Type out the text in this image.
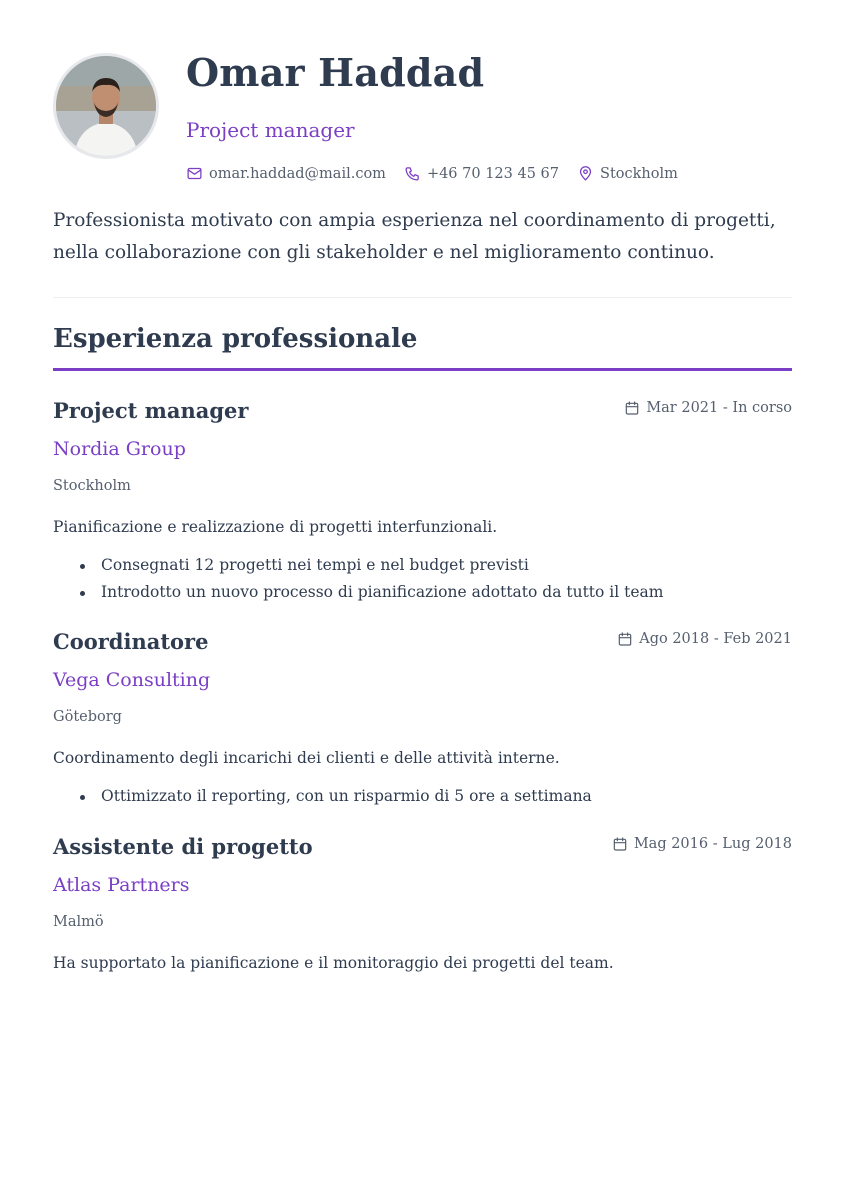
Omar Haddad
Project manager
omar.haddad@mail.com	+46 70 123 45 67	Stockholm

Professionista motivato con ampia esperienza nel coordinamento di progetti, nella collaborazione con gli stakeholder e nel miglioramento continuo.

Esperienza professionale
Project manager	Mar 2021 - In corso
Nordia Group
Stockholm
Pianificazione e realizzazione di progetti interfunzionali.
Consegnati 12 progetti nei tempi e nel budget previsti
Introdotto un nuovo processo di pianificazione adottato da tutto il team
Coordinatore	Ago 2018 - Feb 2021
Vega Consulting
Göteborg
Coordinamento degli incarichi dei clienti e delle attività interne.
Ottimizzato il reporting, con un risparmio di 5 ore a settimana
Assistente di progetto	Mag 2016 - Lug 2018
Atlas Partners
Malmö
Ha supportato la pianificazione e il monitoraggio dei progetti del team.
